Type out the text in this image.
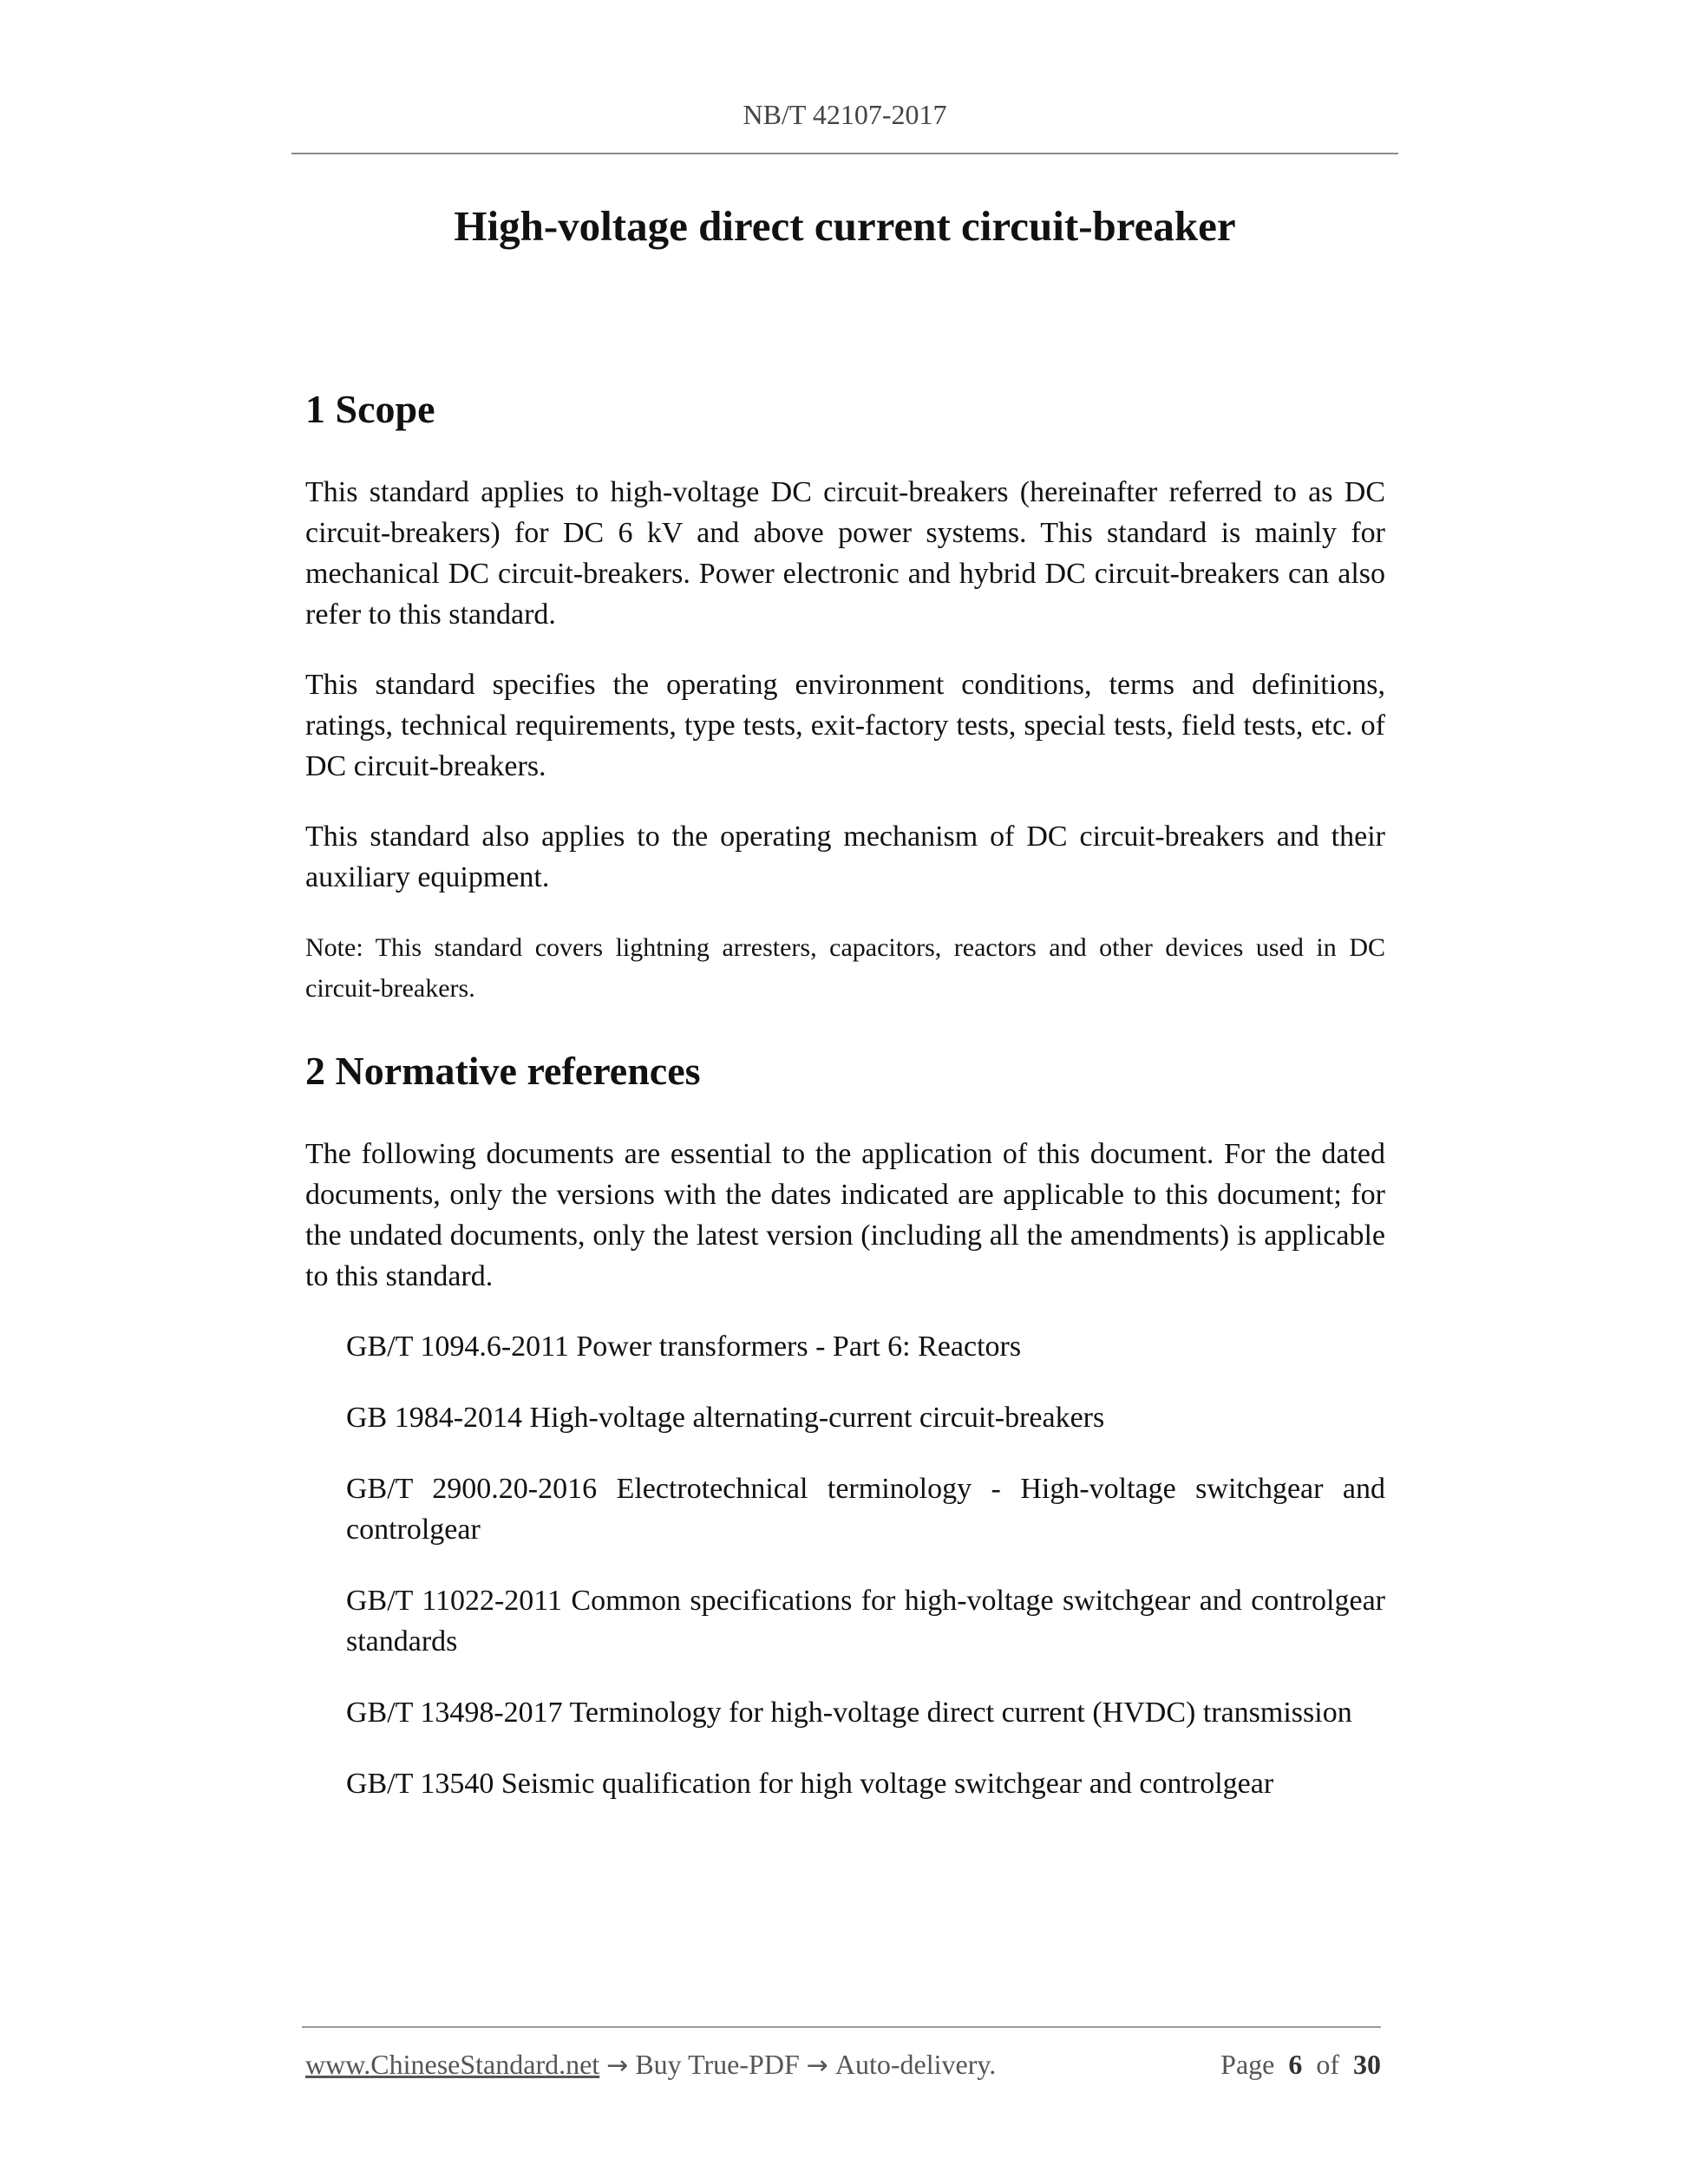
NB/T 42107-2017
High-voltage direct current circuit-breaker
1 Scope

This standard applies to high-voltage DC circuit-breakers (hereinafter referred to as DC circuit-breakers) for DC 6 kV and above power systems. This standard is mainly for mechanical DC circuit-breakers. Power electronic and hybrid DC circuit-breakers can also refer to this standard.

This standard specifies the operating environment conditions, terms and definitions, ratings, technical requirements, type tests, exit-factory tests, special tests, field tests, etc. of DC circuit-breakers.

This standard also applies to the operating mechanism of DC circuit-breakers and their auxiliary equipment.

Note: This standard covers lightning arresters, capacitors, reactors and other devices used in DC circuit-breakers.

2 Normative references

The following documents are essential to the application of this document. For the dated documents, only the versions with the dates indicated are applicable to this document; for the undated documents, only the latest version (including all the amendments) is applicable to this standard.

GB/T 1094.6-2011 Power transformers - Part 6: Reactors
GB 1984-2014 High-voltage alternating-current circuit-breakers
GB/T 2900.20-2016 Electrotechnical terminology - High-voltage switchgear and controlgear
GB/T 11022-2011 Common specifications for high-voltage switchgear and controlgear standards
GB/T 13498-2017 Terminology for high-voltage direct current (HVDC) transmission
GB/T 13540 Seismic qualification for high voltage switchgear and controlgear
www.ChineseStandard.net → Buy True-PDF → Auto-delivery.	Page 6 of 30
